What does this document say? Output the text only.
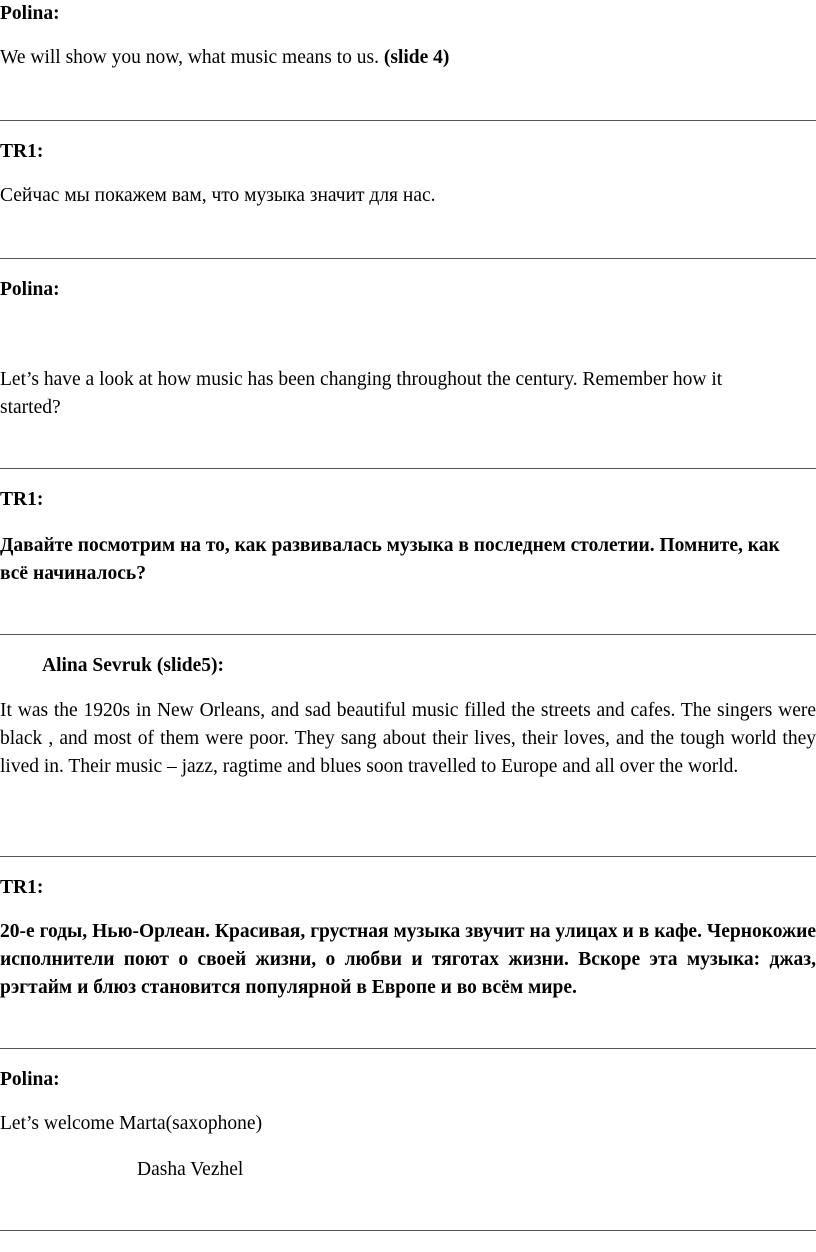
Polina:
We will show you now, what music means to us. (slide 4)
TR1:
Сейчас мы покажем вам, что музыка значит для нас.
Polina:
Let’s have a look at how music has been changing throughout the century. Remember how it started?
TR1:
Давайте посмотрим на то, как развивалась музыка в последнем столетии. Помните, как всё начиналось?
Alina Sevruk (slide5):
It was the 1920s in New Orleans, and sad beautiful music filled the streets and cafes. The singers were black , and most of them were poor. They sang about their lives, their loves, and the tough world they lived in. Their music – jazz, ragtime and blues soon travelled to Europe and all over the world.
TR1:
20-е годы, Нью-Орлеан. Красивая, грустная музыка звучит на улицах и в кафе. Чернокожие исполнители поют о своей жизни, о любви и тяготах жизни. Вскоре эта музыка: джаз, рэгтайм и блюз становится популярной в Европе и во всём мире.
Polina:
Let’s welcome Marta(saxophone)
Dasha Vezhel
